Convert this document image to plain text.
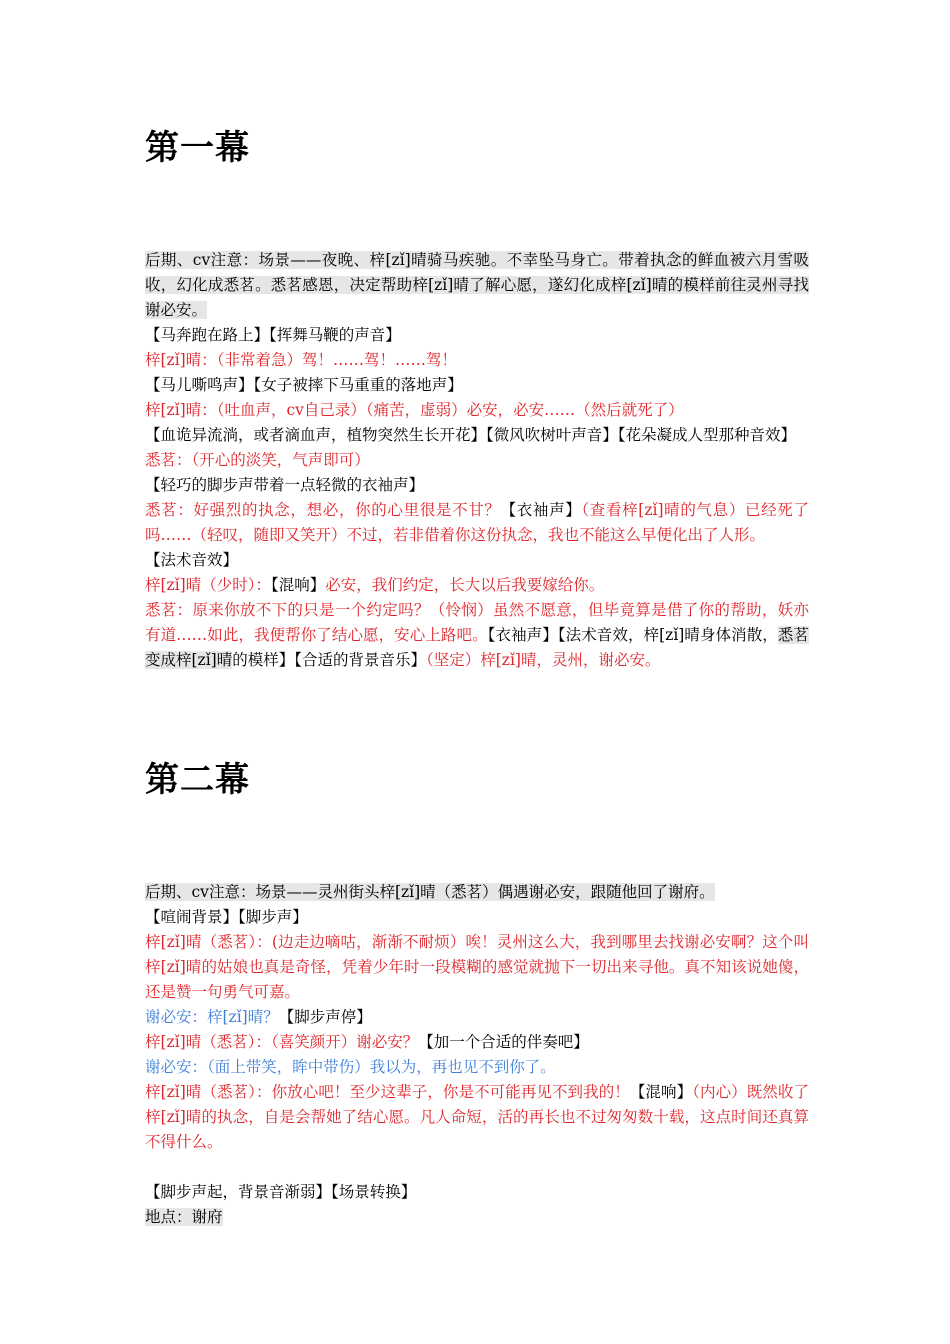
第一幕

后期、cv注意：场景——夜晚、梓[zǐ]晴骑马疾驰。不幸坠马身亡。带着执念的鲜血被六月雪吸收，幻化成悉茗。悉茗感恩，决定帮助梓[zǐ]晴了解心愿，遂幻化成梓[zǐ]晴的模样前往灵州寻找谢必安。

【马奔跑在路上】【挥舞马鞭的声音】

梓[zǐ]晴：（非常着急）驾！……驾！……驾！

【马儿嘶鸣声】【女子被摔下马重重的落地声】

梓[zǐ]晴：（吐血声，cv自己录）（痛苦，虚弱）必安，必安……（然后就死了）

【血诡异流淌，或者滴血声，植物突然生长开花】【微风吹树叶声音】【花朵凝成人型那种音效】

悉茗：（开心的淡笑，气声即可）

【轻巧的脚步声带着一点轻微的衣袖声】

悉茗：好强烈的执念，想必，你的心里很是不甘？【衣袖声】（查看梓[zǐ]晴的气息）已经死了吗……（轻叹，随即又笑开）不过，若非借着你这份执念，我也不能这么早便化出了人形。

【法术音效】

梓[zǐ]晴（少时）：【混响】必安，我们约定，长大以后我要嫁给你。

悉茗：原来你放不下的只是一个约定吗？（怜悯）虽然不愿意，但毕竟算是借了你的帮助，妖亦有道……如此，我便帮你了结心愿，安心上路吧。【衣袖声】【法术音效，梓[zǐ]晴身体消散，悉茗变成梓[zǐ]晴的模样】【合适的背景音乐】（坚定）梓[zǐ]晴，灵州，谢必安。

第二幕

后期、cv注意：场景——灵州街头梓[zǐ]晴（悉茗）偶遇谢必安，跟随他回了谢府。

【喧闹背景】【脚步声】

梓[zǐ]晴（悉茗）：(边走边嘀咕，渐渐不耐烦）唉！灵州这么大，我到哪里去找谢必安啊？这个叫梓[zǐ]晴的姑娘也真是奇怪，凭着少年时一段模糊的感觉就抛下一切出来寻他。真不知该说她傻，还是赞一句勇气可嘉。

谢必安：梓[zǐ]晴？【脚步声停】

梓[zǐ]晴（悉茗）：（喜笑颜开）谢必安？【加一个合适的伴奏吧】

谢必安：（面上带笑，眸中带伤）我以为，再也见不到你了。

梓[zǐ]晴（悉茗）：你放心吧！至少这辈子，你是不可能再见不到我的！【混响】（内心）既然收了梓[zǐ]晴的执念，自是会帮她了结心愿。凡人命短，活的再长也不过匆匆数十载，这点时间还真算不得什么。

【脚步声起，背景音渐弱】【场景转换】

地点：谢府
